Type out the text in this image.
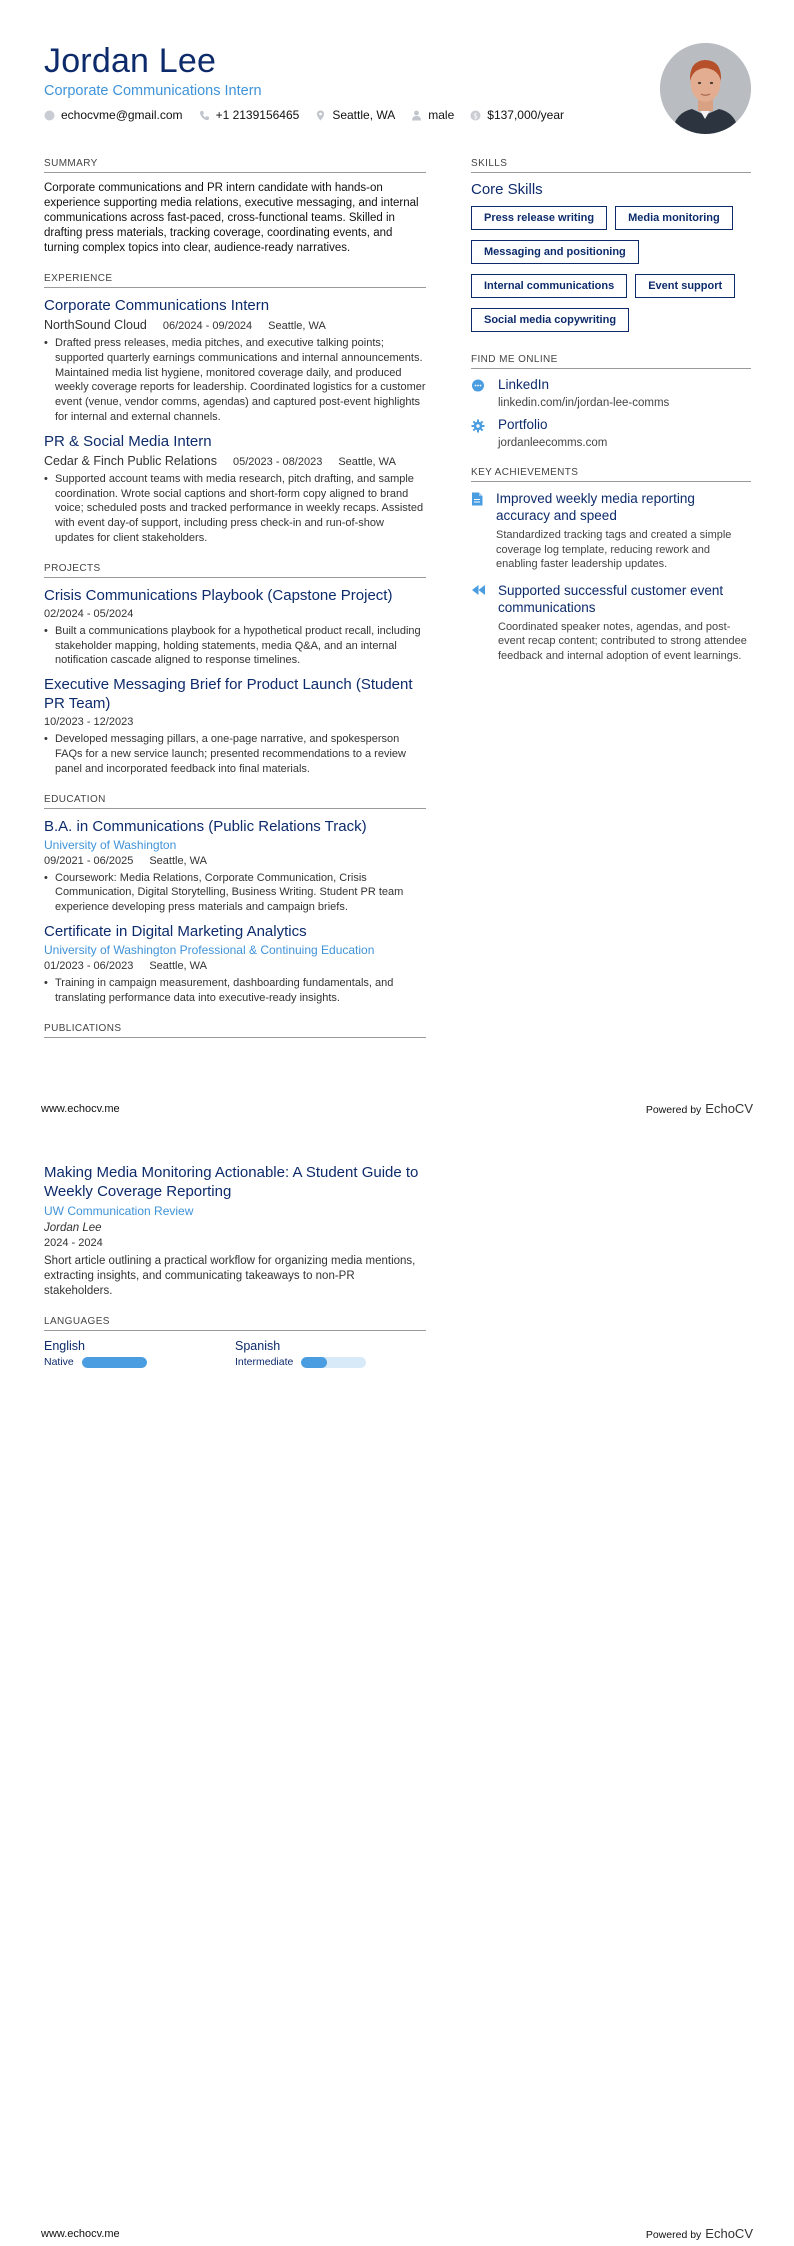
Jordan Lee
Corporate Communications Intern
echocvme@gmail.com	+1 2139156465	Seattle, WA	male	$ $137,000/year
SUMMARY

Corporate communications and PR intern candidate with hands-on experience supporting media relations, executive messaging, and internal communications across fast-paced, cross-functional teams. Skilled in drafting press materials, tracking coverage, coordinating events, and turning complex topics into clear, audience-ready narratives.

EXPERIENCE
Corporate Communications Intern
NorthSound Cloud 06/2024 - 09/2024 Seattle, WA
• Drafted press releases, media pitches, and executive talking points; supported quarterly earnings communications and internal announcements. Maintained media list hygiene, monitored coverage daily, and produced weekly coverage reports for leadership. Coordinated logistics for a customer event (venue, vendor comms, agendas) and captured post-event highlights for internal and external channels.
PR & Social Media Intern
Cedar & Finch Public Relations 05/2023 - 08/2023 Seattle, WA
• Supported account teams with media research, pitch drafting, and sample coordination. Wrote social captions and short-form copy aligned to brand voice; scheduled posts and tracked performance in weekly recaps. Assisted with event day-of support, including press check-in and run-of-show updates for client stakeholders.
PROJECTS
Crisis Communications Playbook (Capstone Project)
02/2024 - 05/2024
• Built a communications playbook for a hypothetical product recall, including stakeholder mapping, holding statements, media Q&A, and an internal notification cascade aligned to response timelines.
Executive Messaging Brief for Product Launch (Student PR Team)
10/2023 - 12/2023
• Developed messaging pillars, a one-page narrative, and spokesperson FAQs for a new service launch; presented recommendations to a review panel and incorporated feedback into final materials.
EDUCATION
B.A. in Communications (Public Relations Track)
University of Washington
09/2021 - 06/2025 Seattle, WA
• Coursework: Media Relations, Corporate Communication, Crisis Communication, Digital Storytelling, Business Writing. Student PR team experience developing press materials and campaign briefs.
Certificate in Digital Marketing Analytics
University of Washington Professional & Continuing Education
01/2023 - 06/2023 Seattle, WA
• Training in campaign measurement, dashboarding fundamentals, and translating performance data into executive-ready insights.
PUBLICATIONS
SKILLS
Core Skills
Press release writing	Media monitoring
Messaging and positioning
Internal communications	Event support
Social media copywriting
FIND ME ONLINE
LinkedIn
linkedin.com/in/jordan-lee-comms
Portfolio
jordanleecomms.com
KEY ACHIEVEMENTS
Improved weekly media reporting accuracy and speed
Standardized tracking tags and created a simple coverage log template, reducing rework and enabling faster leadership updates.
Supported successful customer event communications
Coordinated speaker notes, agendas, and post-event recap content; contributed to strong attendee feedback and internal adoption of event learnings.
www.echocv.me	Powered by EchoCV
Making Media Monitoring Actionable: A Student Guide to Weekly Coverage Reporting
UW Communication Review
Jordan Lee
2024 - 2024

Short article outlining a practical workflow for organizing media mentions, extracting insights, and communicating takeaways to non-PR stakeholders.

LANGUAGES
English
Native
Spanish
Intermediate
www.echocv.me	Powered by EchoCV
